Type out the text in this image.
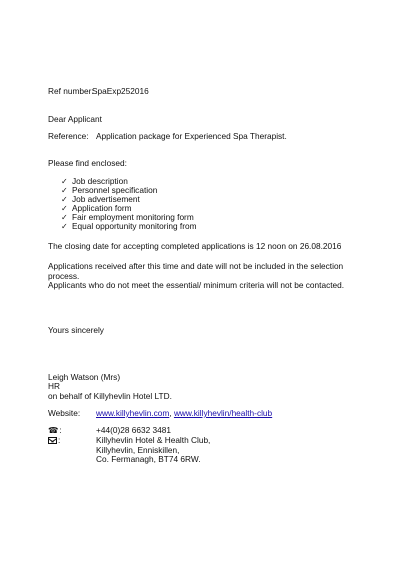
Ref number:SpaExp252016
Dear Applicant
Reference: Application package for Experienced Spa Therapist.
Please find enclosed:
✓ Job description
✓ Personnel specification
✓ Job advertisement
✓ Application form
✓ Fair employment monitoring form
✓ Equal opportunity monitoring from
The closing date for accepting completed applications is 12 noon on 26.08.2016
Applications received after this time and date will not be included in the selection process.
Applicants who do not meet the essential/ minimum criteria will not be contacted.
Yours sincerely
Leigh Watson (Mrs)
HR
on behalf of Killyhevlin Hotel LTD.
Website: www.killyhevlin.com, www.killyhevlin/health-club
☎:	+44(0)28 6632 3481
:	Killyhevlin Hotel & Health Club,
Killyhevlin, Enniskillen,
Co. Fermanagh, BT74 6RW.
